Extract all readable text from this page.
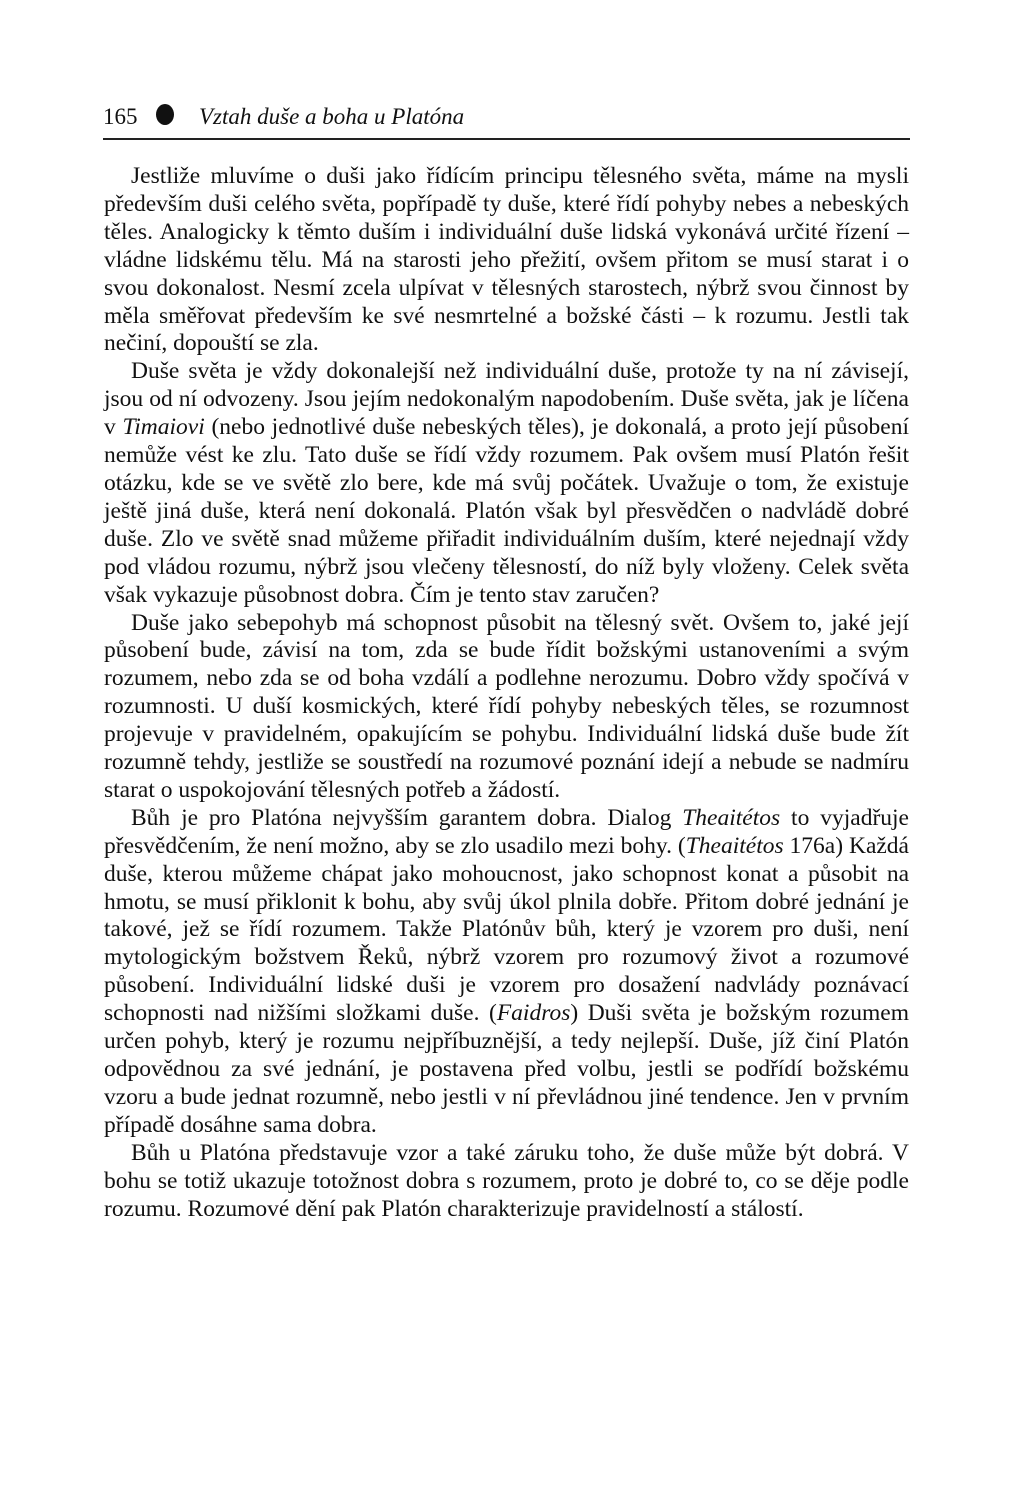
165	Vztah duše a boha u Platóna

Jestliže mluvíme o duši jako řídícím principu tělesného světa, máme na mysli především duši celého světa, popřípadě ty duše, které řídí pohyby nebes a nebeských těles. Analogicky k těmto duším i individuální duše lidská vykonává určité řízení – vládne lidskému tělu. Má na starosti jeho přežití, ovšem přitom se musí starat i o svou dokonalost. Nesmí zcela ulpívat v tělesných starostech, nýbrž svou činnost by měla směřovat především ke své nesmrtelné a božské části – k rozumu. Jestli tak nečiní, dopouští se zla.

Duše světa je vždy dokonalejší než individuální duše, protože ty na ní závisejí, jsou od ní odvozeny. Jsou jejím nedokonalým napodobením. Duše světa, jak je líčena v Timaiovi (nebo jednotlivé duše nebeských těles), je dokonalá, a proto její působení nemůže vést ke zlu. Tato duše se řídí vždy rozumem. Pak ovšem musí Platón řešit otázku, kde se ve světě zlo bere, kde má svůj počátek. Uvažuje o tom, že existuje ještě jiná duše, která není dokonalá. Platón však byl přesvědčen o nadvládě dobré duše. Zlo ve světě snad můžeme přiřadit individuálním duším, které nejednají vždy pod vládou rozumu, nýbrž jsou vlečeny tělesností, do níž byly vloženy. Celek světa však vykazuje působnost dobra. Čím je tento stav zaručen?

Duše jako sebepohyb má schopnost působit na tělesný svět. Ovšem to, jaké její působení bude, závisí na tom, zda se bude řídit božskými ustanoveními a svým rozumem, nebo zda se od boha vzdálí a podlehne nerozumu. Dobro vždy spočívá v rozumnosti. U duší kosmických, které řídí pohyby nebeských těles, se rozumnost projevuje v pravidelném, opakujícím se pohybu. Individuální lidská duše bude žít rozumně tehdy, jestliže se soustředí na rozumové poznání idejí a nebude se nadmíru starat o uspokojování tělesných potřeb a žádostí.

Bůh je pro Platóna nejvyšším garantem dobra. Dialog Theaitétos to vyjadřuje přesvědčením, že není možno, aby se zlo usadilo mezi bohy. (Theaitétos 176a) Každá duše, kterou můžeme chápat jako mohoucnost, jako schopnost konat a působit na hmotu, se musí přiklonit k bohu, aby svůj úkol plnila dobře. Přitom dobré jednání je takové, jež se řídí rozumem. Takže Platónův bůh, který je vzorem pro duši, není mytologickým božstvem Řeků, nýbrž vzorem pro rozumový život a rozumové působení. Individuální lidské duši je vzorem pro dosažení nadvlády poznávací schopnosti nad nižšími složkami duše. (Faidros) Duši světa je božským rozumem určen pohyb, který je rozumu nejpříbuznější, a tedy nejlepší. Duše, jíž činí Platón odpovědnou za své jednání, je postavena před volbu, jestli se podřídí božskému vzoru a bude jednat rozumně, nebo jestli v ní převládnou jiné tendence. Jen v prvním případě dosáhne sama dobra.

Bůh u Platóna představuje vzor a také záruku toho, že duše může být dobrá. V bohu se totiž ukazuje totožnost dobra s rozumem, proto je dobré to, co se děje podle rozumu. Rozumové dění pak Platón charakterizuje pravidelností a stálostí.
